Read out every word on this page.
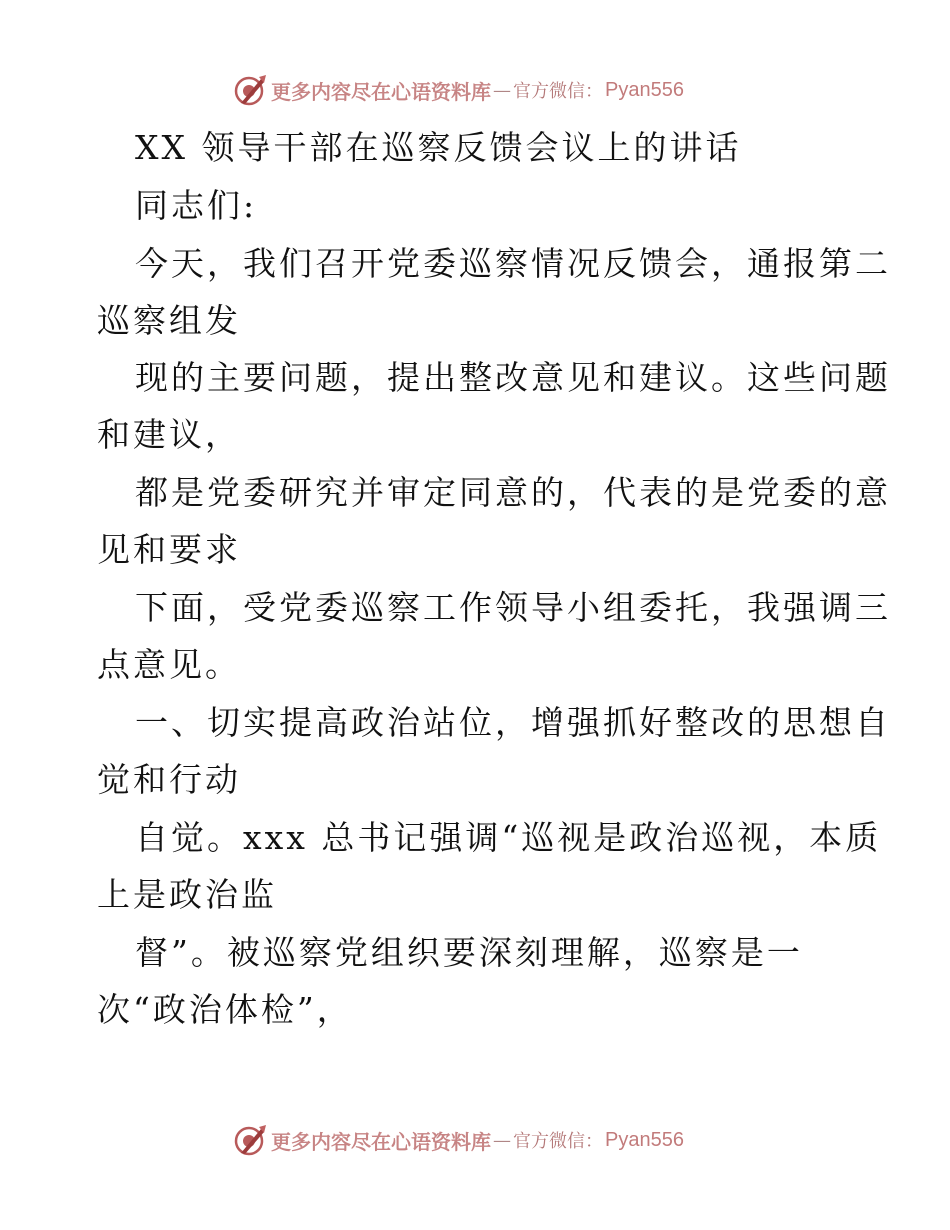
更多内容尽在心语资料库 — 官方微信： Pyan556
XX 领导干部在巡察反馈会议上的讲话
同志们:
今天，我们召开党委巡察情况反馈会，通报第二
巡察组发
现的主要问题，提出整改意见和建议。这些问题
和建议，
都是党委研究并审定同意的，代表的是党委的意
见和要求
下面，受党委巡察工作领导小组委托，我强调三
点意见。
一、切实提高政治站位，增强抓好整改的思想自
觉和行动
自觉。xxx 总书记强调“巡视是政治巡视，本质
上是政治监
督”。被巡察党组织要深刻理解，巡察是一
次“政治体检”，
更多内容尽在心语资料库 — 官方微信： Pyan556
